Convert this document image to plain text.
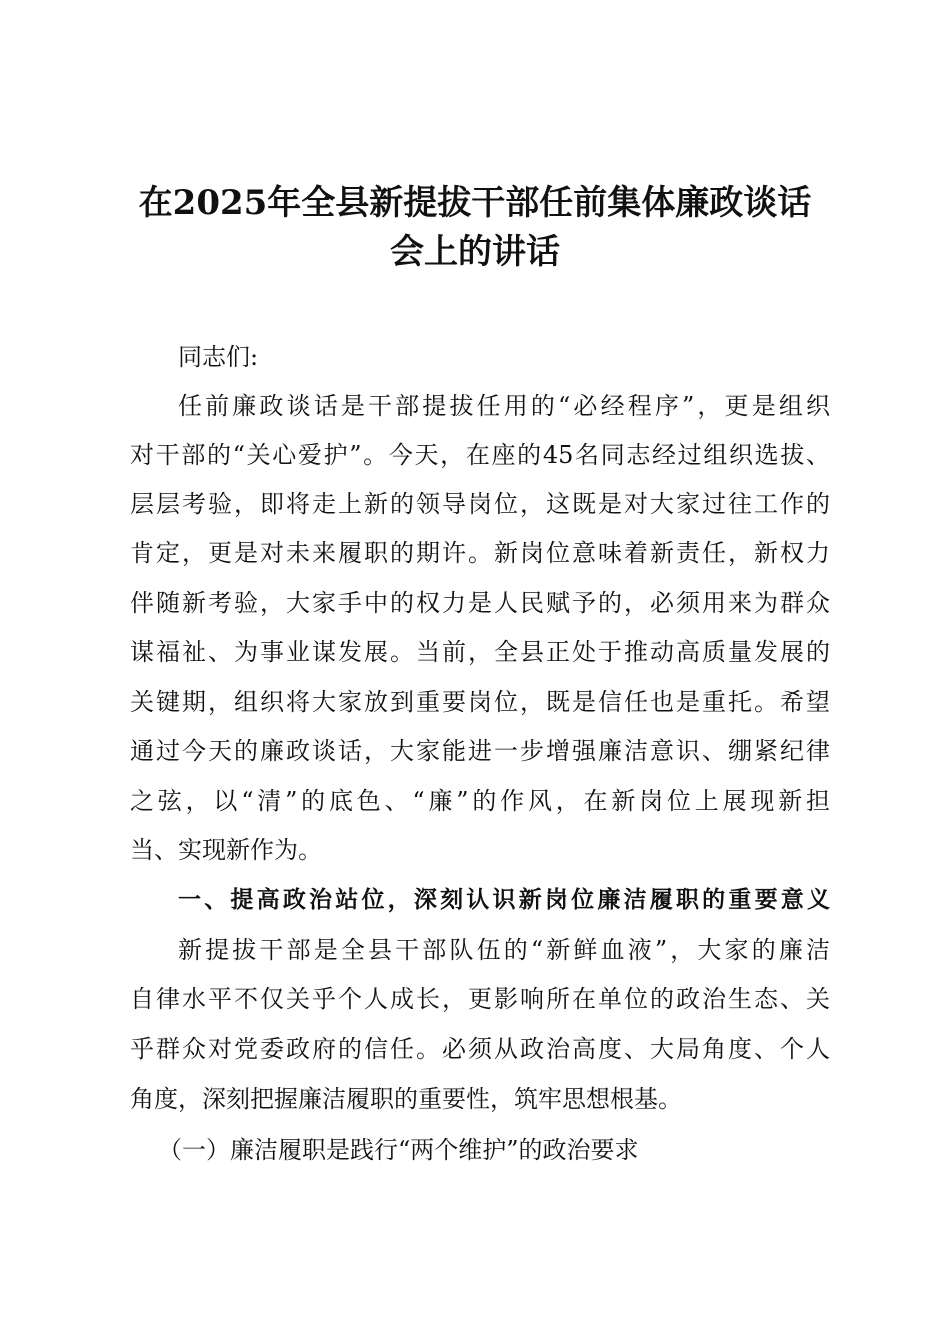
在2025年全县新提拔干部任前集体廉政谈话
会上的讲话
同志们:
任前廉政谈话是干部提拔任用的“必经程序”，更是组织
对干部的“关心爱护”。今天，在座的45名同志经过组织选拔、
层层考验，即将走上新的领导岗位，这既是对大家过往工作的
肯定，更是对未来履职的期许。新岗位意味着新责任，新权力
伴随新考验，大家手中的权力是人民赋予的，必须用来为群众
谋福祉、为事业谋发展。当前，全县正处于推动高质量发展的
关键期，组织将大家放到重要岗位，既是信任也是重托。希望
通过今天的廉政谈话，大家能进一步增强廉洁意识、绷紧纪律
之弦，以“清”的底色、“廉”的作风，在新岗位上展现新担
当、实现新作为。
一、提高政治站位，深刻认识新岗位廉洁履职的重要意义
新提拔干部是全县干部队伍的“新鲜血液”，大家的廉洁
自律水平不仅关乎个人成长，更影响所在单位的政治生态、关
乎群众对党委政府的信任。必须从政治高度、大局角度、个人
角度，深刻把握廉洁履职的重要性，筑牢思想根基。
（一）廉洁履职是践行“两个维护”的政治要求
